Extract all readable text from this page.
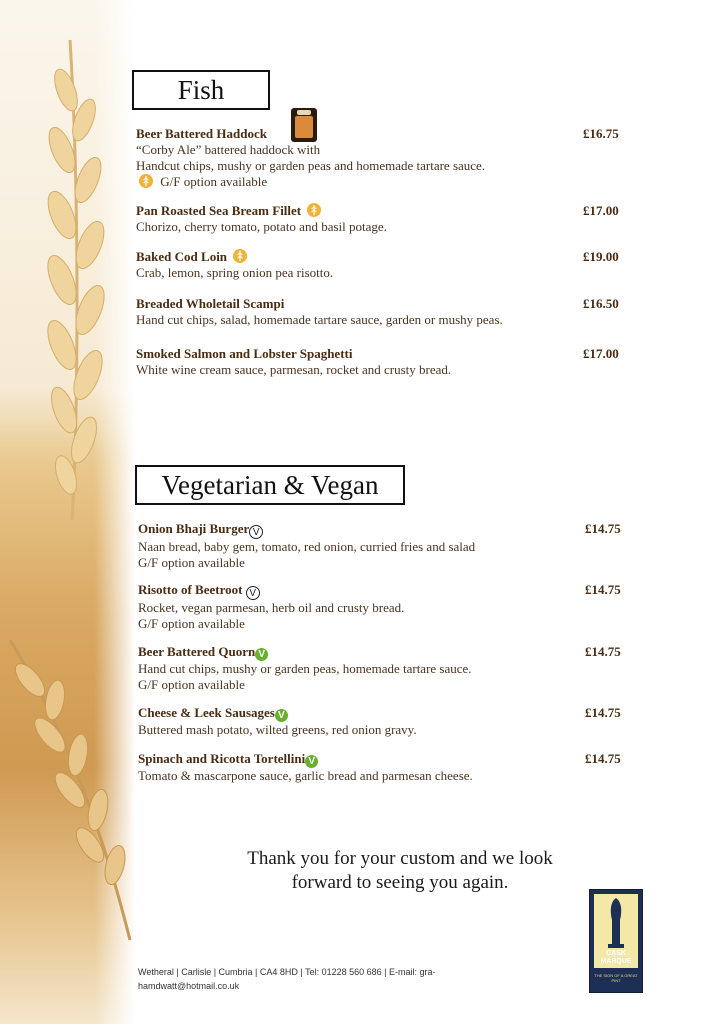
Fish
Beer Battered Haddock	£16.75
“Corby Ale” battered haddock with
Handcut chips, mushy or garden peas and homemade tartare sauce.
G/F option available
Pan Roasted Sea Bream Fillet	£17.00
Chorizo, cherry tomato, potato and basil potage.
Baked Cod Loin	£19.00
Crab, lemon, spring onion pea risotto.
Breaded Wholetail Scampi	£16.50
Hand cut chips, salad, homemade tartare sauce, garden or mushy peas.
Smoked Salmon and Lobster Spaghetti	£17.00
White wine cream sauce, parmesan, rocket and crusty bread.
Vegetarian & Vegan
Onion Bhaji Burger V	£14.75
Naan bread, baby gem, tomato, red onion, curried fries and salad
G/F option available
Risotto of Beetroot V	£14.75
Rocket, vegan parmesan, herb oil and crusty bread.
G/F option available
Beer Battered Quorn V	£14.75
Hand cut chips, mushy or garden peas, homemade tartare sauce.
G/F option available
Cheese & Leek Sausages V	£14.75
Buttered mash potato, wilted greens, red onion gravy.
Spinach and Ricotta Tortellini V	£14.75
Tomato & mascarpone sauce, garlic bread and parmesan cheese.
Thank you for your custom and we look
forward to seeing you again.
Wetheral | Carlisle | Cumbria | CA4 8HD | Tel: 01228 560 686 | E-mail: gra-
hamdwatt@hotmail.co.uk
CASK
MARQUE
THE SIGN OF A GREAT PINT
